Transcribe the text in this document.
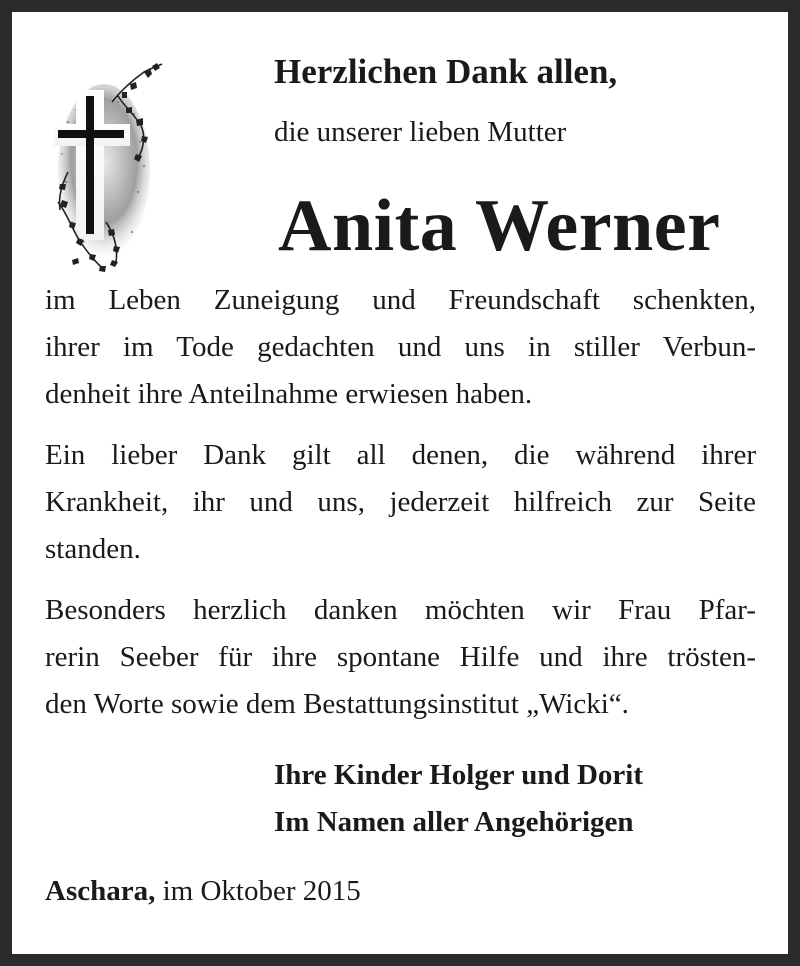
Herzlichen Dank allen,

die unserer lieben Mutter

Anita Werner

im Leben Zuneigung und Freundschaft schenkten,
ihrer im Tode gedachten und uns in stiller Verbun-
denheit ihre Anteilnahme erwiesen haben.

Ein lieber Dank gilt all denen, die während ihrer
Krankheit, ihr und uns, jederzeit hilfreich zur Seite
standen.

Besonders herzlich danken möchten wir Frau Pfar-
rerin Seeber für ihre spontane Hilfe und ihre trösten-
den Worte sowie dem Bestattungsinstitut „Wicki“.

Ihre Kinder Holger und Dorit
Im Namen aller Angehörigen

Aschara, im Oktober 2015
